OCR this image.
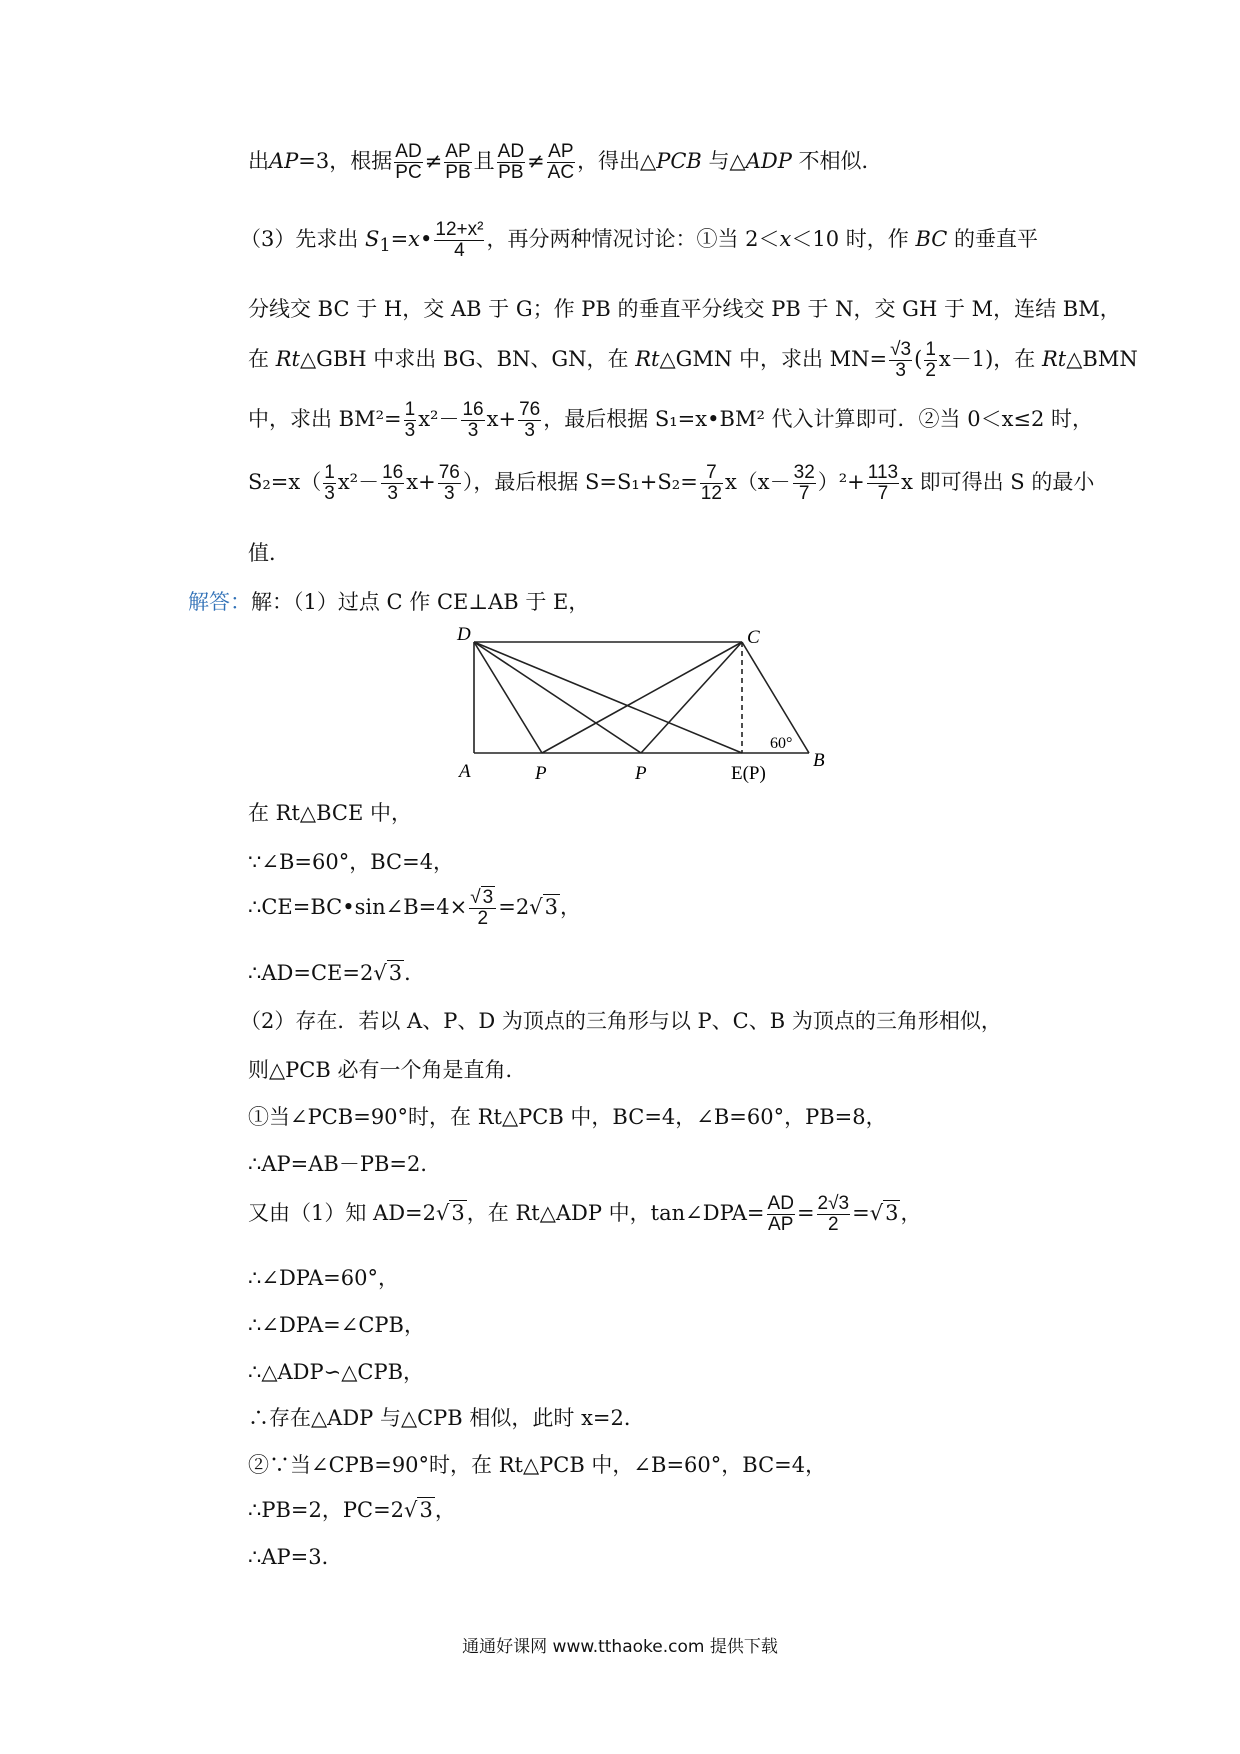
出AP=3，根据 $\frac{AD}{PC} \ne \frac{AP}{PB}$ 且 $\frac{AD}{PB} \ne \frac{AP}{AC}$ ，得出△PCB 与△ADP 不相似．
（3）先求出 $S_1=x• \frac{\text{12+x²}}{4}$ ，再分两种情况讨论：①当 2＜x＜10 时，作 BC 的垂直平
分线交 BC 于 H，交 AB 于 G；作 PB 的垂直平分线交 PB 于 N，交 GH 于 M，连结 BM，
在 Rt△GBH 中求出 BG、BN、GN，在 Rt△GMN 中，求出 $MN= \frac{√3}{3}$ ( $\frac{1}{2} x-1$)，在 Rt△BMN
中，求出 $BM^2= \frac{1}{3} x^2- \frac{16}{3} x+ \frac{76}{3}$ ，最后根据 S₁=x•BM² 代入计算即可．②当 0＜x≤2 时，
$S_2=x( \frac{1}{3} x^2- \frac{16}{3} x+ \frac{76}{3}$ ），最后根据 $S=S_1+S_2= \frac{7}{12} x(x- \frac{32}{7} )^2+ \frac{113}{7}$ x 即可得出 S 的最小
值．
解答：解：（1）过点 C 作 CE⊥AB 于 E，
D	C
A	P	P	E(P)
B
60°
在 Rt△BCE 中，
∵∠B=60°，BC=4，
∴CE=BC•sin∠B=4× $\frac{√ 3}{2} =2√3$，
∴AD=CE=2√3．
（2）存在．若以 A、P、D 为顶点的三角形与以 P、C、B 为顶点的三角形相似，
则△PCB 必有一个角是直角．
①当∠PCB=90°时，在 Rt△PCB 中，BC=4，∠B=60°，PB=8，
∴AP=AB－PB=2．
又由（1）知 AD=2√3，在 Rt△ADP 中，tan∠DPA= $\frac{AD}{AP} = \frac{2√3}{2} =√3$，
∴∠DPA=60°，
∴∠DPA=∠CPB，
∴△ADP∽△CPB，
∴存在△ADP 与△CPB 相似，此时 x=2．
②∵当∠CPB=90°时，在 Rt△PCB 中，∠B=60°，BC=4，
∴PB=2，PC=2√3，
∴AP=3．
通通好课网 www.tthaoke.com 提供下载
